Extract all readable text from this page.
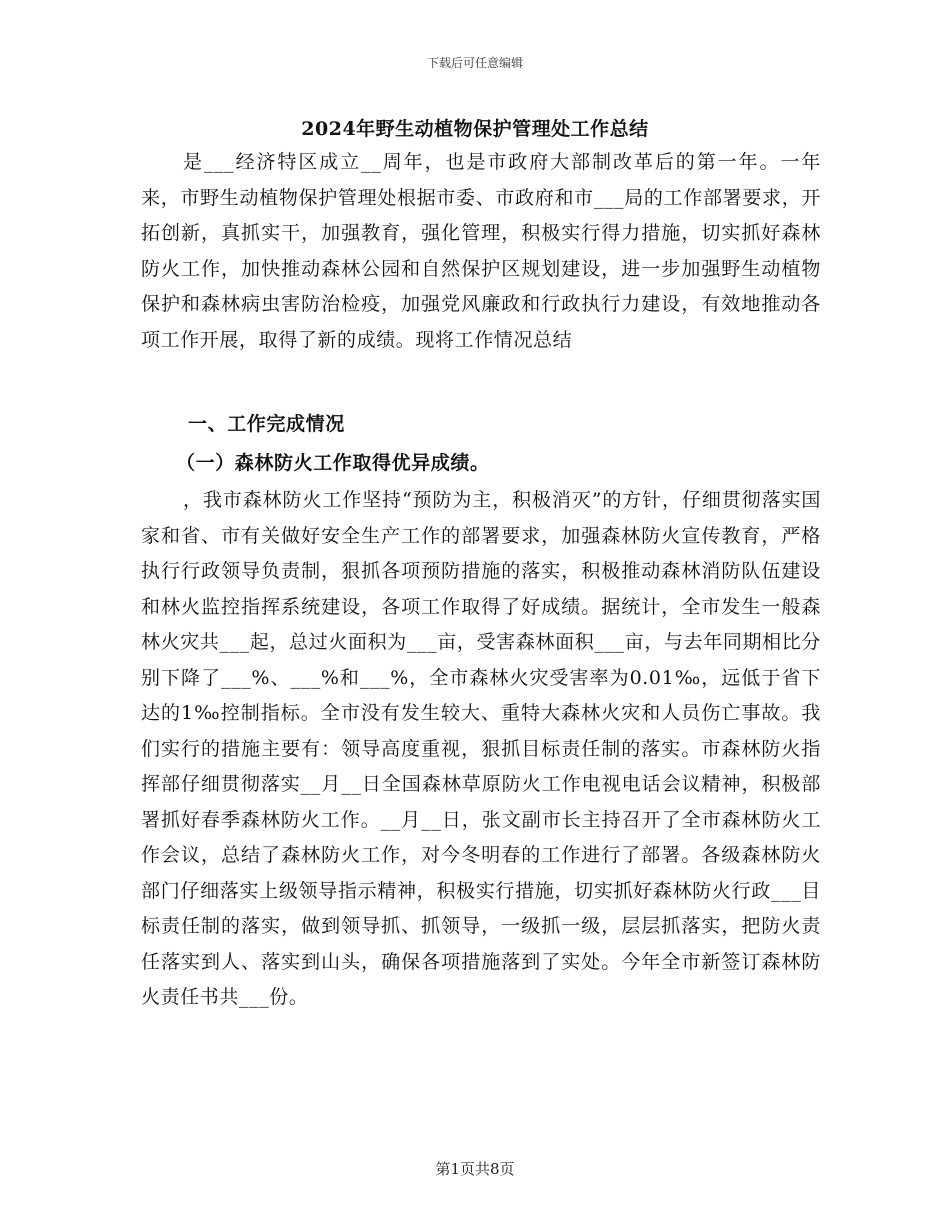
下载后可任意编辑
2024年野生动植物保护管理处工作总结
是___经济特区成立__周年，也是市政府大部制改革后的第一年。一年来，市野生动植物保护管理处根据市委、市政府和市___局的工作部署要求，开拓创新，真抓实干，加强教育，强化管理，积极实行得力措施，切实抓好森林防火工作，加快推动森林公园和自然保护区规划建设，进一步加强野生动植物保护和森林病虫害防治检疫，加强党风廉政和行政执行力建设，有效地推动各项工作开展，取得了新的成绩。现将工作情况总结
一、工作完成情况
（一）森林防火工作取得优异成绩。
，我市森林防火工作坚持“预防为主，积极消灭”的方针，仔细贯彻落实国家和省、市有关做好安全生产工作的部署要求，加强森林防火宣传教育，严格执行行政领导负责制，狠抓各项预防措施的落实，积极推动森林消防队伍建设和林火监控指挥系统建设，各项工作取得了好成绩。据统计，全市发生一般森林火灾共___起，总过火面积为___亩，受害森林面积___亩，与去年同期相比分别下降了___%、___%和___%，全市森林火灾受害率为0.01‰，远低于省下达的1‰控制指标。全市没有发生较大、重特大森林火灾和人员伤亡事故。我们实行的措施主要有：领导高度重视，狠抓目标责任制的落实。市森林防火指挥部仔细贯彻落实__月__日全国森林草原防火工作电视电话会议精神，积极部署抓好春季森林防火工作。__月__日，张文副市长主持召开了全市森林防火工作会议，总结了森林防火工作，对今冬明春的工作进行了部署。各级森林防火部门仔细落实上级领导指示精神，积极实行措施，切实抓好森林防火行政___目标责任制的落实，做到领导抓、抓领导，一级抓一级，层层抓落实，把防火责任落实到人、落实到山头，确保各项措施落到了实处。今年全市新签订森林防火责任书共___份。
第1页共8页
